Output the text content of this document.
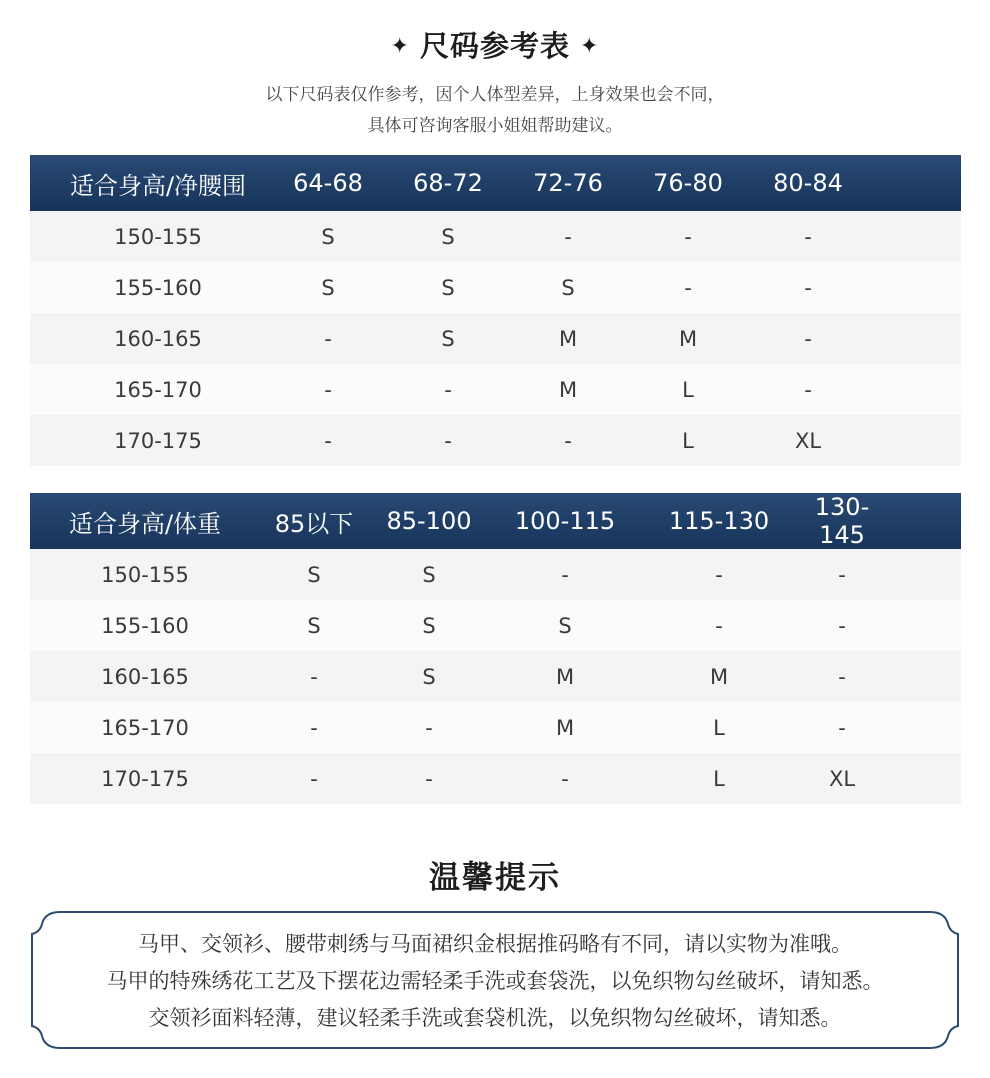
✦ 尺码参考表 ✦
以下尺码表仅作参考，因个人体型差异，上身效果也会不同，
具体可咨询客服小姐姐帮助建议。
适合身高/净腰围	64-68	68-72	72-76	76-80	80-84
150-155	S	S	-	-	-
155-160	S	S	S	-	-
160-165	-	S	M	M	-
165-170	-	-	M	L	-
170-175	-	-	-	L	XL
适合身高/体重	85以下	85-100	100-115	115-130	130-145
150-155	S	S	-	-	-
155-160	S	S	S	-	-
160-165	-	S	M	M	-
165-170	-	-	M	L	-
170-175	-	-	-	L	XL
温馨提示
马甲、交领衫、腰带刺绣与马面裙织金根据推码略有不同，请以实物为准哦。
马甲的特殊绣花工艺及下摆花边需轻柔手洗或套袋洗，以免织物勾丝破坏，请知悉。
交领衫面料轻薄，建议轻柔手洗或套袋机洗，以免织物勾丝破坏，请知悉。
